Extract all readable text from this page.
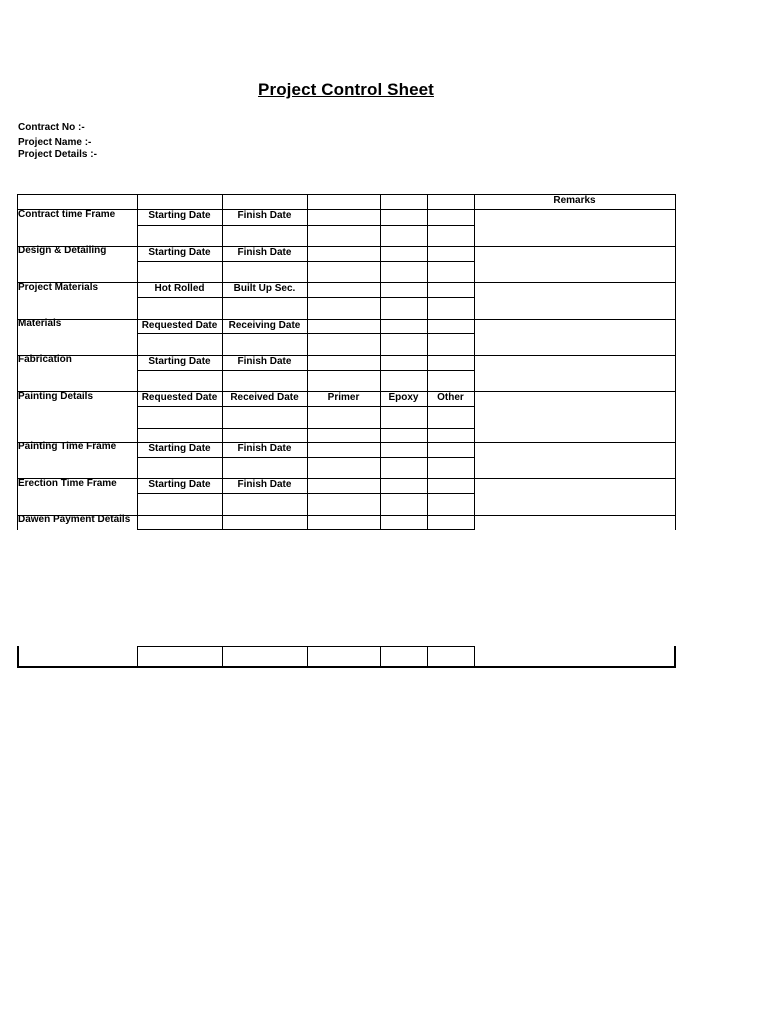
Project Control Sheet
Contract No :-
Project Name :-
Project Details :-
Remarks
Contract time Frame
Design & Detailing
Project Materials
Materials
Fabrication
Painting Details
Painting Time Frame
Erection Time Frame
Dawen Payment Details
Starting Date
Starting Date
Hot Rolled
Requested Date
Starting Date
Requested Date
Starting Date
Starting Date
Finish Date
Finish Date
Built Up Sec.
Receiving Date
Finish Date
Received Date
Finish Date
Finish Date
Primer	Epoxy	Other
